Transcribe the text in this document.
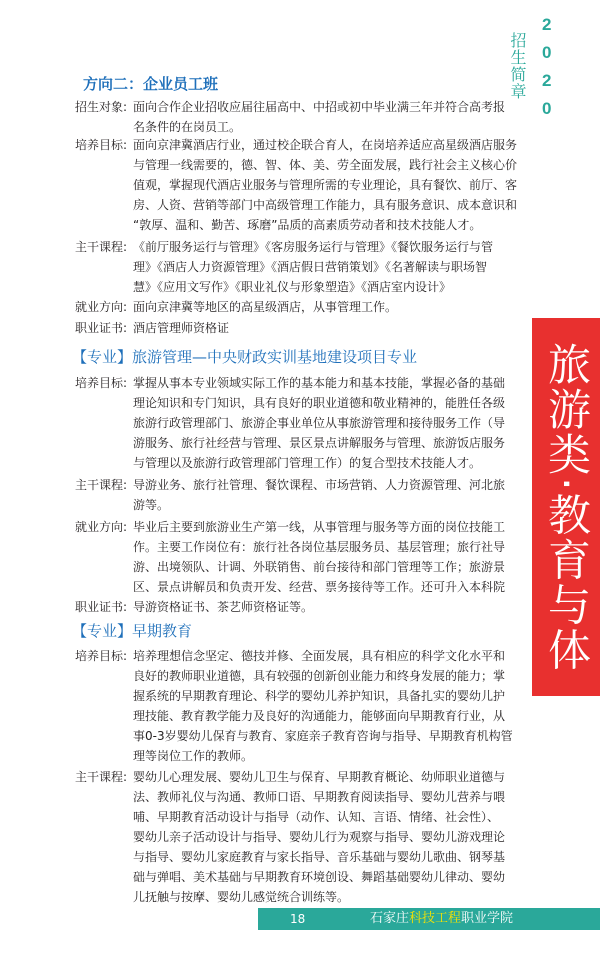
2
0
2
0
招生简章
旅游类·教育与体育类
方向二：企业员工班
招生对象: 面向合作企业招收应届往届高中、中招或初中毕业满三年并符合高考报
名条件的在岗员工。
培养目标: 面向京津冀酒店行业，通过校企联合育人，在岗培养适应高星级酒店服务
与管理一线需要的，德、智、体、美、劳全面发展，践行社会主义核心价
值观，掌握现代酒店业服务与管理所需的专业理论，具有餐饮、前厅、客
房、人资、营销等部门中高级管理工作能力，具有服务意识、成本意识和
“敦厚、温和、勤苦、琢磨”品质的高素质劳动者和技术技能人才。
主干课程: 《前厅服务运行与管理》《客房服务运行与管理》《餐饮服务运行与管
理》《酒店人力资源管理》《酒店假日营销策划》《名著解读与职场智
慧》《应用文写作》《职业礼仪与形象塑造》《酒店室内设计》
就业方向: 面向京津冀等地区的高星级酒店，从事管理工作。
职业证书: 酒店管理师资格证
【专业】旅游管理—中央财政实训基地建设项目专业
培养目标: 掌握从事本专业领域实际工作的基本能力和基本技能，掌握必备的基础
理论知识和专门知识，具有良好的职业道德和敬业精神的，能胜任各级
旅游行政管理部门、旅游企事业单位从事旅游管理和接待服务工作（导
游服务、旅行社经营与管理、景区景点讲解服务与管理、旅游饭店服务
与管理以及旅游行政管理部门管理工作）的复合型技术技能人才。
主干课程: 导游业务、旅行社管理、餐饮课程、市场营销、人力资源管理、河北旅
游等。
就业方向: 毕业后主要到旅游业生产第一线，从事管理与服务等方面的岗位技能工
作。主要工作岗位有：旅行社各岗位基层服务员、基层管理；旅行社导
游、出境领队、计调、外联销售、前台接待和部门管理等工作；旅游景
区、景点讲解员和负责开发、经营、票务接待等工作。还可升入本科院
职业证书: 导游资格证书、茶艺师资格证等。
【专业】早期教育
培养目标: 培养理想信念坚定、德技并修、全面发展，具有相应的科学文化水平和
良好的教师职业道德，具有较强的创新创业能力和终身发展的能力；掌
握系统的早期教育理论、科学的婴幼儿养护知识，具备扎实的婴幼儿护
理技能、教育教学能力及良好的沟通能力，能够面向早期教育行业，从
事0-3岁婴幼儿保育与教育、家庭亲子教育咨询与指导、早期教育机构管
理等岗位工作的教师。
主干课程: 婴幼儿心理发展、婴幼儿卫生与保育、早期教育概论、幼师职业道德与
法、教师礼仪与沟通、教师口语、早期教育阅读指导、婴幼儿营养与喂
哺、早期教育活动设计与指导（动作、认知、言语、情绪、社会性）、
婴幼儿亲子活动设计与指导、婴幼儿行为观察与指导、婴幼儿游戏理论
与指导、婴幼儿家庭教育与家长指导、音乐基础与婴幼儿歌曲、钢琴基
础与弹唱、美术基础与早期教育环境创设、舞蹈基础婴幼儿律动、婴幼
儿抚触与按摩、婴幼儿感觉统合训练等。
18	石家庄科技工程职业学院
